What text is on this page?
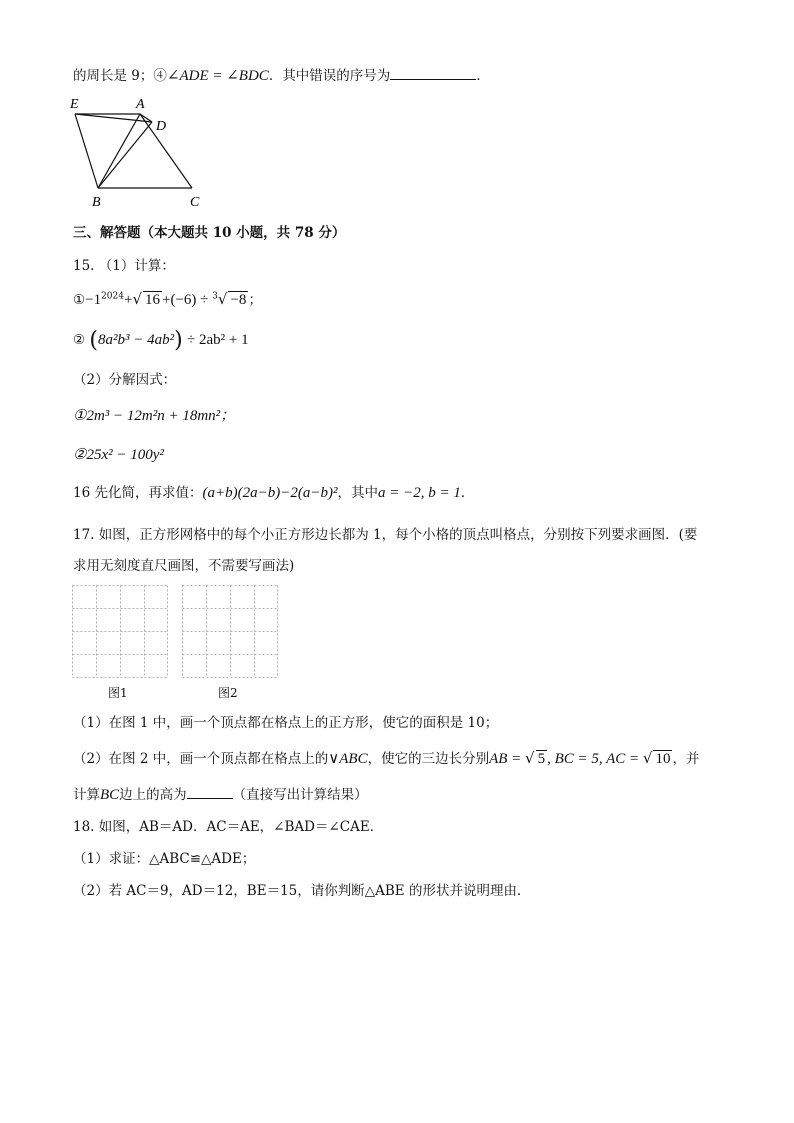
的周长是 9；④∠ADE = ∠BDC．其中错误的序号为	．
E	A
D
B	C
三、解答题（本大题共 10 小题，共 78 分）
15. （1）计算：
$①-1^{2024}+√$ 16 +(−6) ÷ $^3$√ −8 ；
② (8a²b³ − 4ab²) ÷ 2ab² + 1
（2）分解因式：
①2m³ − 12m²n + 18mn²；
②25x² − 100y²
16 先化简，再求值：(a+b)(2a−b)−2(a−b)²，其中a = −2, b = 1．
17. 如图，正方形网格中的每个小正方形边长都为 1，每个小格的顶点叫格点，分别按下列要求画图．(要
求用无刻度直尺画图，不需要写画法)
图1	图2
（1）在图 1 中，画一个顶点都在格点上的正方形，使它的面积是 10；
（2）在图 2 中，画一个顶点都在格点上的∨ABC，使它的三边长分别AB = √ 5 , BC = 5, AC = √ 10 ，并
计算BC边上的高为	（直接写出计算结果）
18. 如图，AB＝AD．AC＝AE，∠BAD＝∠CAE．
（1）求证：△ABC≌△ADE；
（2）若 AC＝9，AD＝12，BE＝15，请你判断△ABE 的形状并说明理由．
